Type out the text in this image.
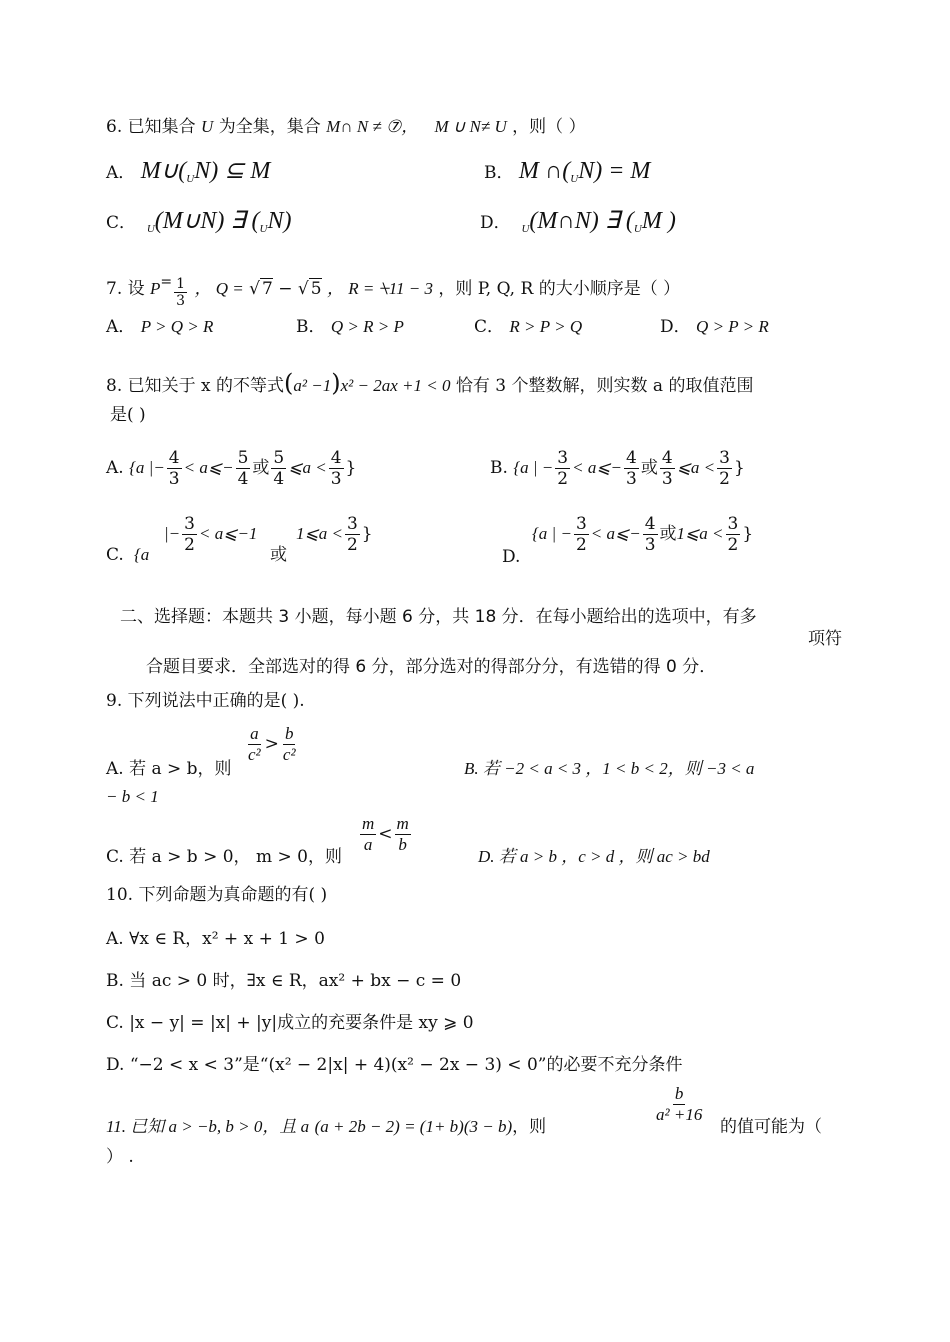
6. 已知集合 U 为全集，集合 M∩ N ≠ ⑦， M ∪ N≠ U ，则（ ）
A． $M\cup(_UN)$ ⊆ M	B． M $\cap(_UN) = M$
C． $_U$(M∪N) ∃ $(_UN)$	D． $_U$(M∩N) ∃ ($_UM$ )
7. 设 $P^= \frac{1}{3}$ ， Q = √ 7 − √ 5 ， R = ⍀11 − 3 ，则 P, Q, R 的大小顺序是（ ）
A． P > Q > R	B． Q > R > P	C． R > P > Q	D． Q > P > R
8. 已知关于 x 的不等式(a² −1)x² − 2ax +1 < 0 恰有 3 个整数解，则实数 a 的取值范围
是( )
A. {a |− $\frac{4}{3}$ < a⩽− $\frac{5}{4}$ 或 $\frac{5}{4}$ ⩽a < $\frac{4}{3}$ }	B. {a | − $\frac{3}{2}$ < a⩽− $\frac{4}{3}$ 或 $\frac{4}{3}$ ⩽a < $\frac{3}{2}$ }
C. {a
|− $\frac{3}{2}$ < a⩽−1
或
1⩽a < $\frac{3}{2}$ }
D.
{a | − $\frac{3}{2}$ < a⩽− $\frac{4}{3}$ 或1⩽a < $\frac{3}{2}$ }
二、选择题：本题共 3 小题，每小题 6 分，共 18 分．在每小题给出的选项中，有多
项符
合题目要求．全部选对的得 6 分，部分选对的得部分分，有选错的得 0 分．
9. 下列说法中正确的是( ).
A. 若 a > b，则
$\frac{a}{\text{c²}} > \frac{b}{\text{c²}}$
B. 若 −2 < a < 3 ，1 < b < 2，则 −3 < a
− b < 1
C. 若 a > b > 0， m > 0，则
$\frac{m}{a} < \frac{m}{b}$
D. 若 a > b ，c > d ，则 ac > bd
10. 下列命题为真命题的有( )
A. ∀x ∈ R，x² + x + 1 > 0
B. 当 ac > 0 时，∃x ∈ R，ax² + bx − c = 0
C. |x − y| = |x| + |y|成立的充要条件是 xy ⩾ 0
D. “−2 < x < 3”是“(x² − 2|x| + 4)(x² − 2x − 3) < 0”的必要不充分条件
11. 已知 a > −b, b > 0，且 a (a + 2b − 2) = (1+ b)(3 − b)，则
$\frac{b}{\text{a² +16}}$
的值可能为（
） .
